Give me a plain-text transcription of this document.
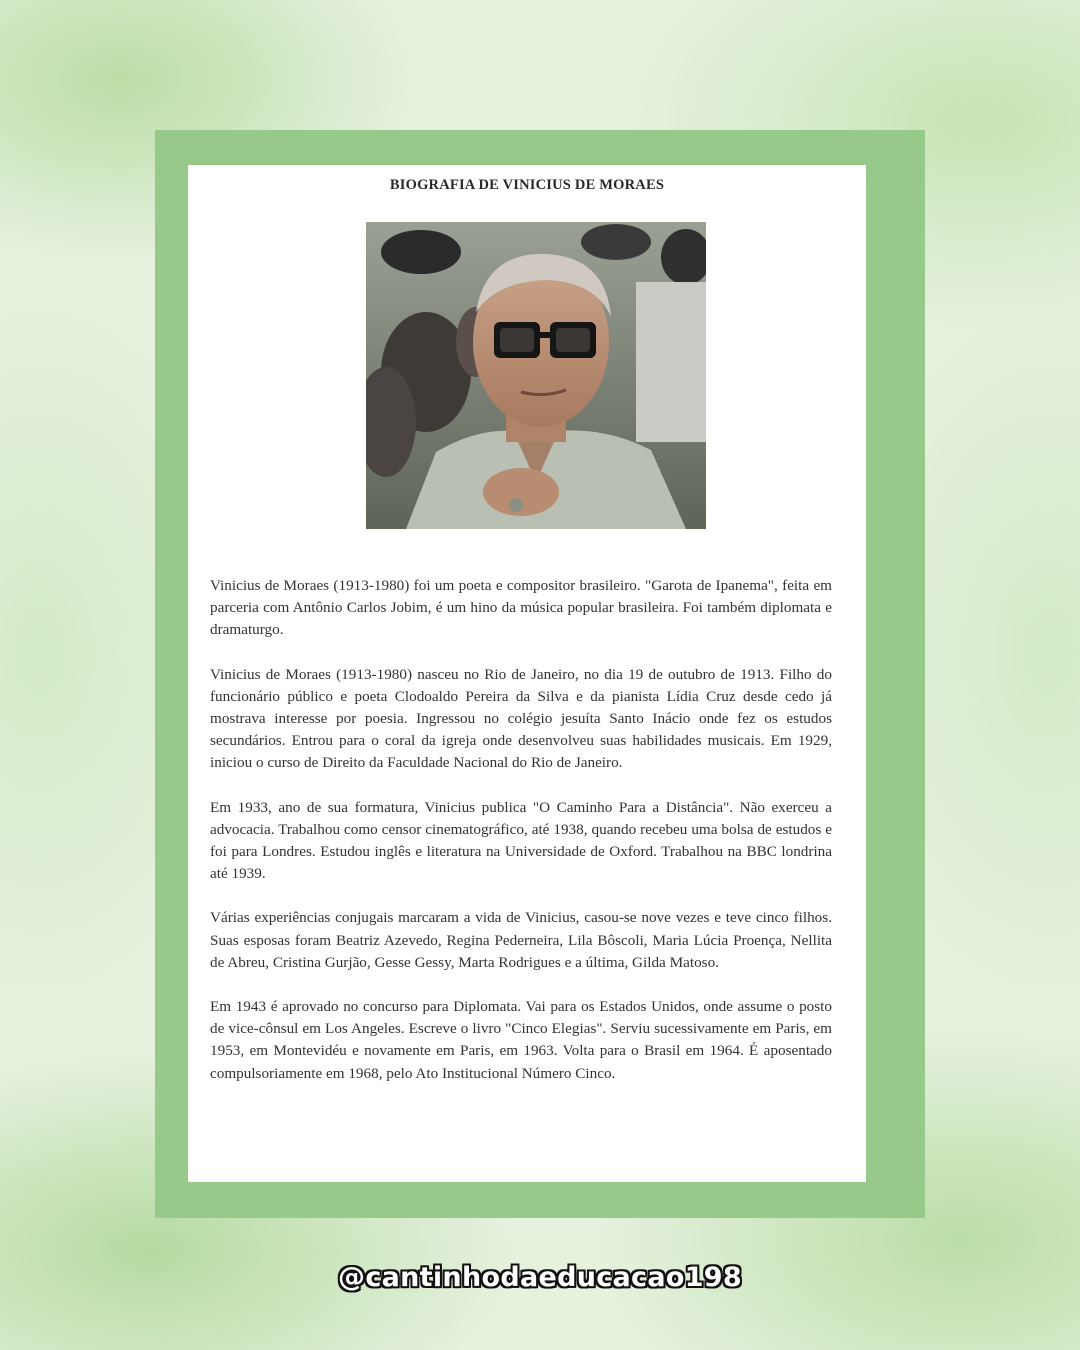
BIOGRAFIA DE VINICIUS DE MORAES

Vinicius de Moraes (1913-1980) foi um poeta e compositor brasileiro. "Garota de Ipanema", feita em parceria com Antônio Carlos Jobim, é um hino da música popular brasileira. Foi também diplomata e dramaturgo.

Vinicius de Moraes (1913-1980) nasceu no Rio de Janeiro, no dia 19 de outubro de 1913. Filho do funcionário público e poeta Clodoaldo Pereira da Silva e da pianista Lídia Cruz desde cedo já mostrava interesse por poesia. Ingressou no colégio jesuíta Santo Inácio onde fez os estudos secundários. Entrou para o coral da igreja onde desenvolveu suas habilidades musicais. Em 1929, iniciou o curso de Direito da Faculdade Nacional do Rio de Janeiro.

Em 1933, ano de sua formatura, Vinicius publica "O Caminho Para a Distância". Não exerceu a advocacia. Trabalhou como censor cinematográfico, até 1938, quando recebeu uma bolsa de estudos e foi para Londres. Estudou inglês e literatura na Universidade de Oxford. Trabalhou na BBC londrina até 1939.

Várias experiências conjugais marcaram a vida de Vinicius, casou-se nove vezes e teve cinco filhos. Suas esposas foram Beatriz Azevedo, Regina Pederneira, Lila Bôscoli, Maria Lúcia Proença, Nellita de Abreu, Cristina Gurjão, Gesse Gessy, Marta Rodrigues e a última, Gilda Matoso.

Em 1943 é aprovado no concurso para Diplomata. Vai para os Estados Unidos, onde assume o posto de vice-cônsul em Los Angeles. Escreve o livro "Cinco Elegias". Serviu sucessivamente em Paris, em 1953, em Montevidéu e novamente em Paris, em 1963. Volta para o Brasil em 1964. É aposentado compulsoriamente em 1968, pelo Ato Institucional Número Cinco.

@cantinhodaeducacao198
